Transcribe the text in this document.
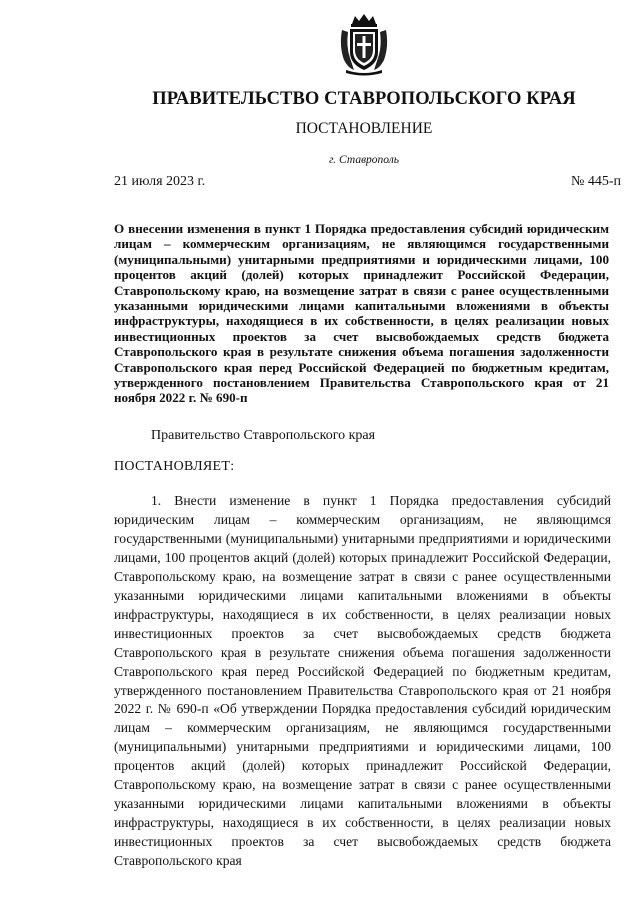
ПРАВИТЕЛЬСТВО СТАВРОПОЛЬСКОГО КРАЯ
ПОСТАНОВЛЕНИЕ
г. Ставрополь
21 июля 2023 г.	№ 445-п
О внесении изменения в пункт 1 Порядка предоставления субсидий юридическим лицам – коммерческим организациям, не являющимся государственными (муниципальными) унитарными предприятиями и юридическими лицами, 100 процентов акций (долей) которых принадлежит Российской Федерации, Ставропольскому краю, на возмещение затрат в связи с ранее осуществленными указанными юридическими лицами капитальными вложениями в объекты инфраструктуры, находящиеся в их собственности, в целях реализации новых инвестиционных проектов за счет высвобождаемых средств бюджета Ставропольского края в результате снижения объема погашения задолженности Ставропольского края перед Российской Федерацией по бюджетным кредитам, утвержденного постановлением Правительства Ставропольского края от 21 ноября 2022 г. № 690-п
Правительство Ставропольского края
ПОСТАНОВЛЯЕТ:
1. Внести изменение в пункт 1 Порядка предоставления субсидий юридическим лицам – коммерческим организациям, не являющимся государственными (муниципальными) унитарными предприятиями и юридическими лицами, 100 процентов акций (долей) которых принадлежит Российской Федерации, Ставропольскому краю, на возмещение затрат в связи с ранее осуществленными указанными юридическими лицами капитальными вложениями в объекты инфраструктуры, находящиеся в их собственности, в целях реализации новых инвестиционных проектов за счет высвобождаемых средств бюджета Ставропольского края в результате снижения объема погашения задолженности Ставропольского края перед Российской Федерацией по бюджетным кредитам, утвержденного постановлением Правительства Ставропольского края от 21 ноября 2022 г. № 690-п «Об утверждении Порядка предоставления субсидий юридическим лицам – коммерческим организациям, не являющимся государственными (муниципальными) унитарными предприятиями и юридическими лицами, 100 процентов акций (долей) которых принадлежит Российской Федерации, Ставропольскому краю, на возмещение затрат в связи с ранее осуществленными указанными юридическими лицами капитальными вложениями в объекты инфраструктуры, находящиеся в их собственности, в целях реализации новых инвестиционных проектов за счет высвобождаемых средств бюджета Ставропольского края
